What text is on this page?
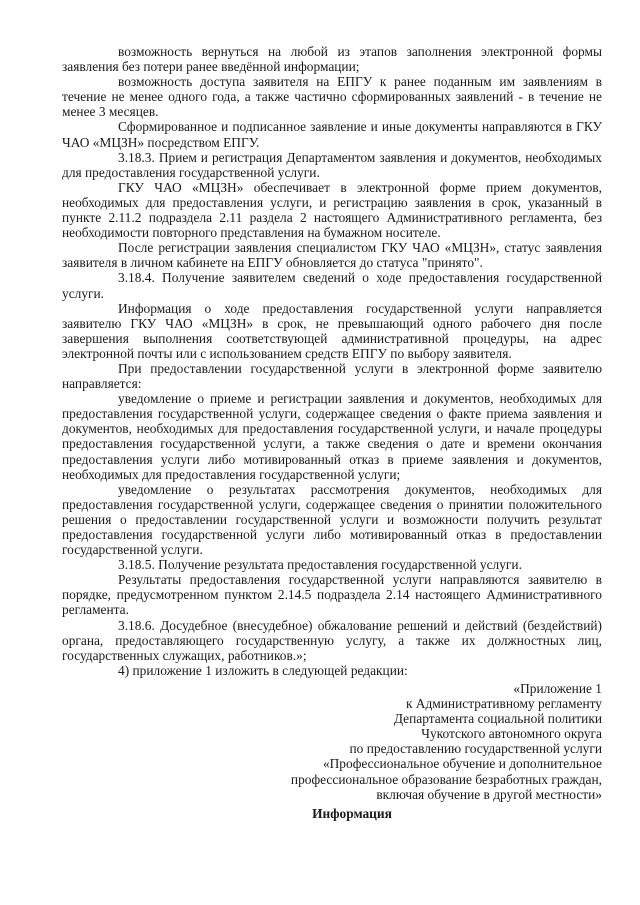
возможность вернуться на любой из этапов заполнения электронной формы заявления без потери ранее введённой информации;

возможность доступа заявителя на ЕПГУ к ранее поданным им заявлениям в течение не менее одного года, а также частично сформированных заявлений - в течение не менее 3 месяцев.

Сформированное и подписанное заявление и иные документы направляются в ГКУ ЧАО «МЦЗН» посредством ЕПГУ.

3.18.3. Прием и регистрация Департаментом заявления и документов, необходимых для предоставления государственной услуги.

ГКУ ЧАО «МЦЗН» обеспечивает в электронной форме прием документов, необходимых для предоставления услуги, и регистрацию заявления в срок, указанный в пункте 2.11.2 подраздела 2.11 раздела 2 настоящего Административного регламента, без необходимости повторного представления на бумажном носителе.

После регистрации заявления специалистом ГКУ ЧАО «МЦЗН», статус заявления заявителя в личном кабинете на ЕПГУ обновляется до статуса "принято".

3.18.4. Получение заявителем сведений о ходе предоставления государственной услуги.

Информация о ходе предоставления государственной услуги направляется заявителю ГКУ ЧАО «МЦЗН» в срок, не превышающий одного рабочего дня после завершения выполнения соответствующей административной процедуры, на адрес электронной почты или с использованием средств ЕПГУ по выбору заявителя.

При предоставлении государственной услуги в электронной форме заявителю направляется:

уведомление о приеме и регистрации заявления и документов, необходимых для предоставления государственной услуги, содержащее сведения о факте приема заявления и документов, необходимых для предоставления государственной услуги, и начале процедуры предоставления государственной услуги, а также сведения о дате и времени окончания предоставления услуги либо мотивированный отказ в приеме заявления и документов, необходимых для предоставления государственной услуги;

уведомление о результатах рассмотрения документов, необходимых для предоставления государственной услуги, содержащее сведения о принятии положительного решения о предоставлении государственной услуги и возможности получить результат предоставления государственной услуги либо мотивированный отказ в предоставлении государственной услуги.

3.18.5. Получение результата предоставления государственной услуги.

Результаты предоставления государственной услуги направляются заявителю в порядке, предусмотренном пунктом 2.14.5 подраздела 2.14 настоящего Административного регламента.

3.18.6. Досудебное (внесудебное) обжалование решений и действий (бездействий) органа, предоставляющего государственную услугу, а также их должностных лиц, государственных служащих, работников.»;

4) приложение 1 изложить в следующей редакции:

«Приложение 1
к Административному регламенту
Департамента социальной политики
Чукотского автономного округа
по предоставлению государственной услуги
«Профессиональное обучение и дополнительное
профессиональное образование безработных граждан,
включая обучение в другой местности»
Информация
